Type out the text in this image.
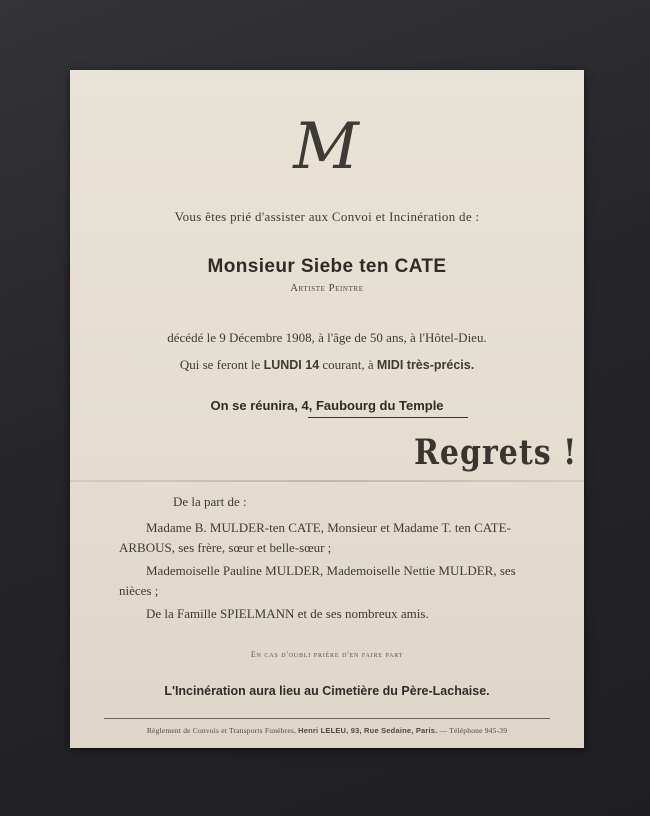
M
Vous êtes prié d'assister aux Convoi et Incinération de :
Monsieur Siebe ten CATE
Artiste Peintre
décédé le 9 Décembre 1908, à l'âge de 50 ans, à l'Hôtel-Dieu.
Qui se feront le LUNDI 14 courant, à MIDI très-précis.
On se réunira, 4, Faubourg du Temple
Regrets !
De la part de :
Madame B. MULDER-ten CATE, Monsieur et Madame T. ten CATE-
ARBOUS, ses frère, sœur et belle-sœur ;
Mademoiselle Pauline MULDER, Mademoiselle Nettie MULDER, ses
nièces ;
De la Famille SPIELMANN et de ses nombreux amis.
En cas d'oubli prière d'en faire part
L'Incinération aura lieu au Cimetière du Père-Lachaise.
Règlement de Convois et Transports Funèbres, Henri LELEU, 93, Rue Sedaine, Paris. — Téléphone 945-39
